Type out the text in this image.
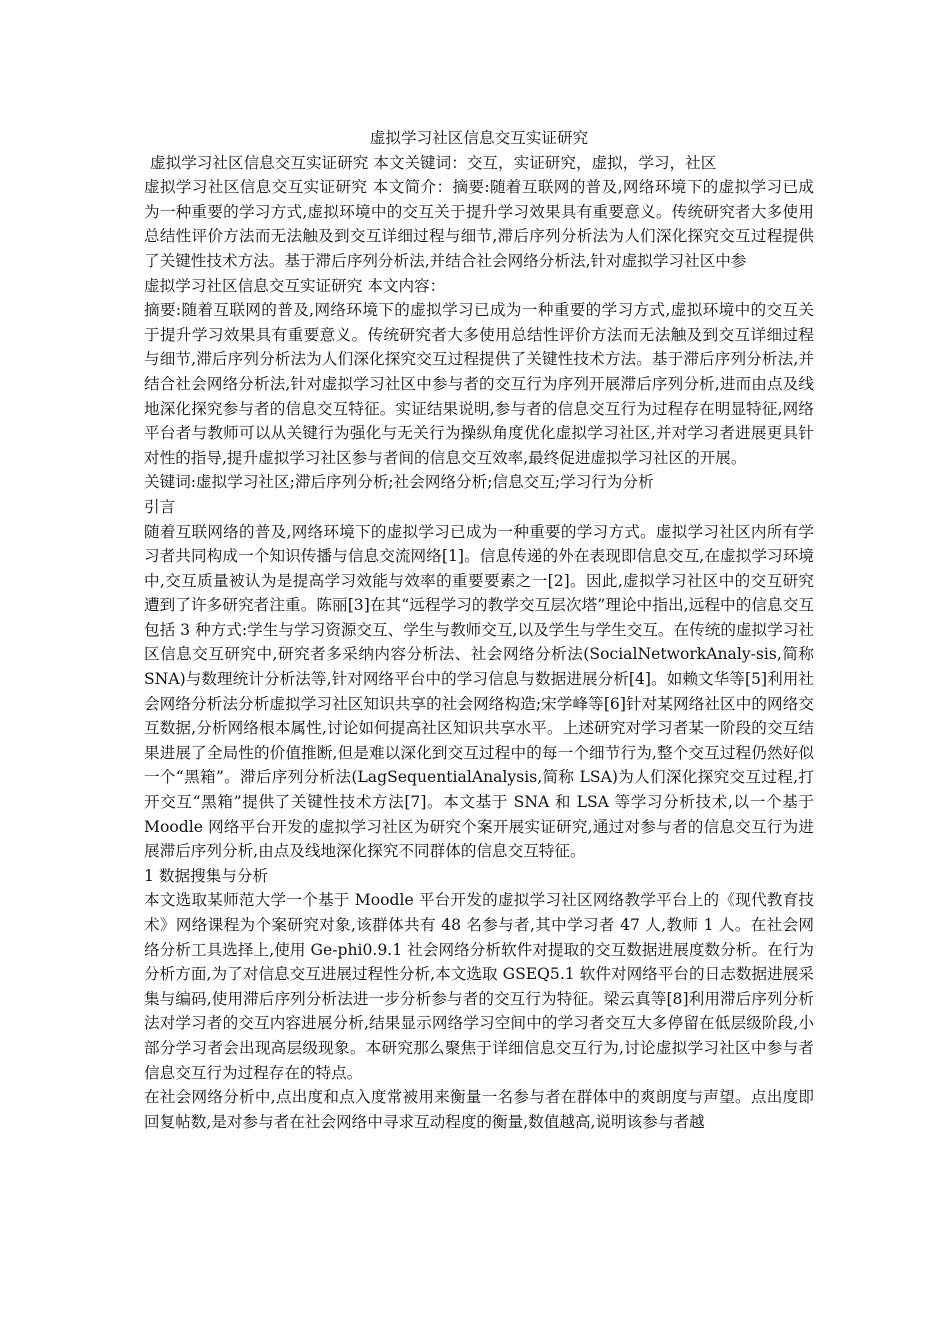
虚拟学习社区信息交互实证研究

虚拟学习社区信息交互实证研究 本文关键词：交互，实证研究，虚拟，学习，社区

虚拟学习社区信息交互实证研究 本文简介：摘要:随着互联网的普及,网络环境下的虚拟学习已成为一种重要的学习方式,虚拟环境中的交互关于提升学习效果具有重要意义。传统研究者大多使用总结性评价方法而无法触及到交互详细过程与细节,滞后序列分析法为人们深化探究交互过程提供了关键性技术方法。基于滞后序列分析法,并结合社会网络分析法,针对虚拟学习社区中参

虚拟学习社区信息交互实证研究 本文内容：

摘要:随着互联网的普及,网络环境下的虚拟学习已成为一种重要的学习方式,虚拟环境中的交互关于提升学习效果具有重要意义。传统研究者大多使用总结性评价方法而无法触及到交互详细过程与细节,滞后序列分析法为人们深化探究交互过程提供了关键性技术方法。基于滞后序列分析法,并结合社会网络分析法,针对虚拟学习社区中参与者的交互行为序列开展滞后序列分析,进而由点及线地深化探究参与者的信息交互特征。实证结果说明,参与者的信息交互行为过程存在明显特征,网络平台者与教师可以从关键行为强化与无关行为操纵角度优化虚拟学习社区,并对学习者进展更具针对性的指导,提升虚拟学习社区参与者间的信息交互效率,最终促进虚拟学习社区的开展。

关键词:虚拟学习社区;滞后序列分析;社会网络分析;信息交互;学习行为分析

引言

随着互联网络的普及,网络环境下的虚拟学习已成为一种重要的学习方式。虚拟学习社区内所有学习者共同构成一个知识传播与信息交流网络[1]。信息传递的外在表现即信息交互,在虚拟学习环境中,交互质量被认为是提高学习效能与效率的重要要素之一[2]。因此,虚拟学习社区中的交互研究遭到了许多研究者注重。陈丽[3]在其“远程学习的教学交互层次塔”理论中指出,远程中的信息交互包括 3 种方式:学生与学习资源交互、学生与教师交互,以及学生与学生交互。在传统的虚拟学习社区信息交互研究中,研究者多采纳内容分析法、社会网络分析法(SocialNetworkAnaly-sis,简称 SNA)与数理统计分析法等,针对网络平台中的学习信息与数据进展分析[4]。如赖文华等[5]利用社会网络分析法分析虚拟学习社区知识共享的社会网络构造;宋学峰等[6]针对某网络社区中的网络交互数据,分析网络根本属性,讨论如何提高社区知识共享水平。上述研究对学习者某一阶段的交互结果进展了全局性的价值推断,但是难以深化到交互过程中的每一个细节行为,整个交互过程仍然好似一个“黑箱”。滞后序列分析法(LagSequentialAnalysis,简称 LSA)为人们深化探究交互过程,打开交互“黑箱”提供了关键性技术方法[7]。本文基于 SNA 和 LSA 等学习分析技术,以一个基于 Moodle 网络平台开发的虚拟学习社区为研究个案开展实证研究,通过对参与者的信息交互行为进展滞后序列分析,由点及线地深化探究不同群体的信息交互特征。

1 数据搜集与分析

本文选取某师范大学一个基于 Moodle 平台开发的虚拟学习社区网络教学平台上的《现代教育技术》网络课程为个案研究对象,该群体共有 48 名参与者,其中学习者 47 人,教师 1 人。在社会网络分析工具选择上,使用 Ge-phi0.9.1 社会网络分析软件对提取的交互数据进展度数分析。在行为分析方面,为了对信息交互进展过程性分析,本文选取 GSEQ5.1 软件对网络平台的日志数据进展采集与编码,使用滞后序列分析法进一步分析参与者的交互行为特征。梁云真等[8]利用滞后序列分析法对学习者的交互内容进展分析,结果显示网络学习空间中的学习者交互大多停留在低层级阶段,小部分学习者会出现高层级现象。本研究那么聚焦于详细信息交互行为,讨论虚拟学习社区中参与者信息交互行为过程存在的特点。

在社会网络分析中,点出度和点入度常被用来衡量一名参与者在群体中的爽朗度与声望。点出度即回复帖数,是对参与者在社会网络中寻求互动程度的衡量,数值越高,说明该参与者越
